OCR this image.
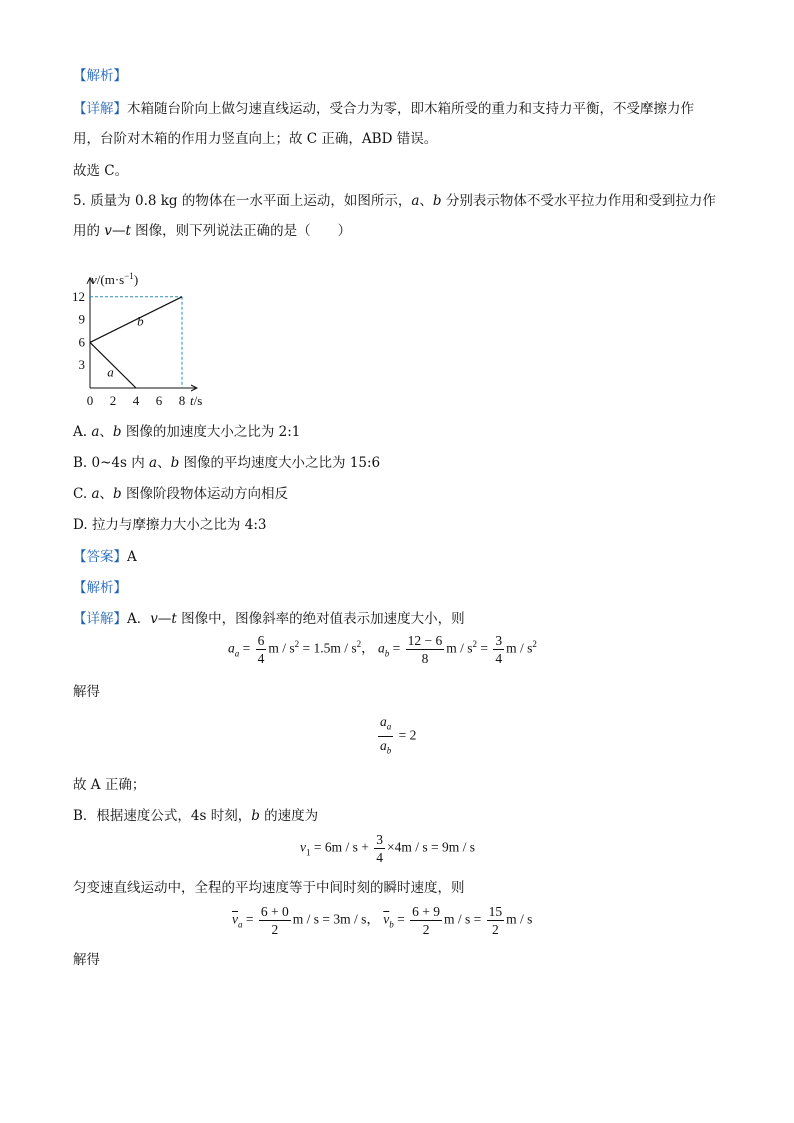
【解析】
【详解】木箱随台阶向上做匀速直线运动，受合力为零，即木箱所受的重力和支持力平衡，不受摩擦力作
用，台阶对木箱的作用力竖直向上；故 C 正确，ABD 错误。
故选 C。
5. 质量为 0.8 kg 的物体在一水平面上运动，如图所示，a、b 分别表示物体不受水平拉力作用和受到拉力作
用的 v—t 图像，则下列说法正确的是（　　）
a
b
0 2 4 6 8
3
6
9
12
$v/(m\cdot s^{-1})$
t/s
A. a、b 图像的加速度大小之比为 2:1
B. 0~4s 内 a、b 图像的平均速度大小之比为 15:6
C. a、b 图像阶段物体运动方向相反
D. 拉力与摩擦力大小之比为 4:3
【答案】A
【解析】
【详解】A．v—t 图像中，图像斜率的绝对值表示加速度大小，则
$a_a = \frac{6}{4}$ $m / s^2 = 1.5m / s^2$， $a_b = \frac{12 - 6}{8}$ $m / s^2 = \frac{3}{4}$ m / $s^2$
解得
$\frac{a_a}{a_b} = 2$
故 A 正确；
B．根据速度公式，4s 时刻，b 的速度为
$v_1 = 6m / s + \frac{3}{4} \times 4m / s = 9m / s$
匀变速直线运动中，全程的平均速度等于中间时刻的瞬时速度，则
$\overline{v}_a = \frac{6 + 0}{2}$ m / s = 3m / s， $\overline{v}_b = \frac{6 + 9}{2}$ $m / s = \frac{15}{2}$ m / s
解得
